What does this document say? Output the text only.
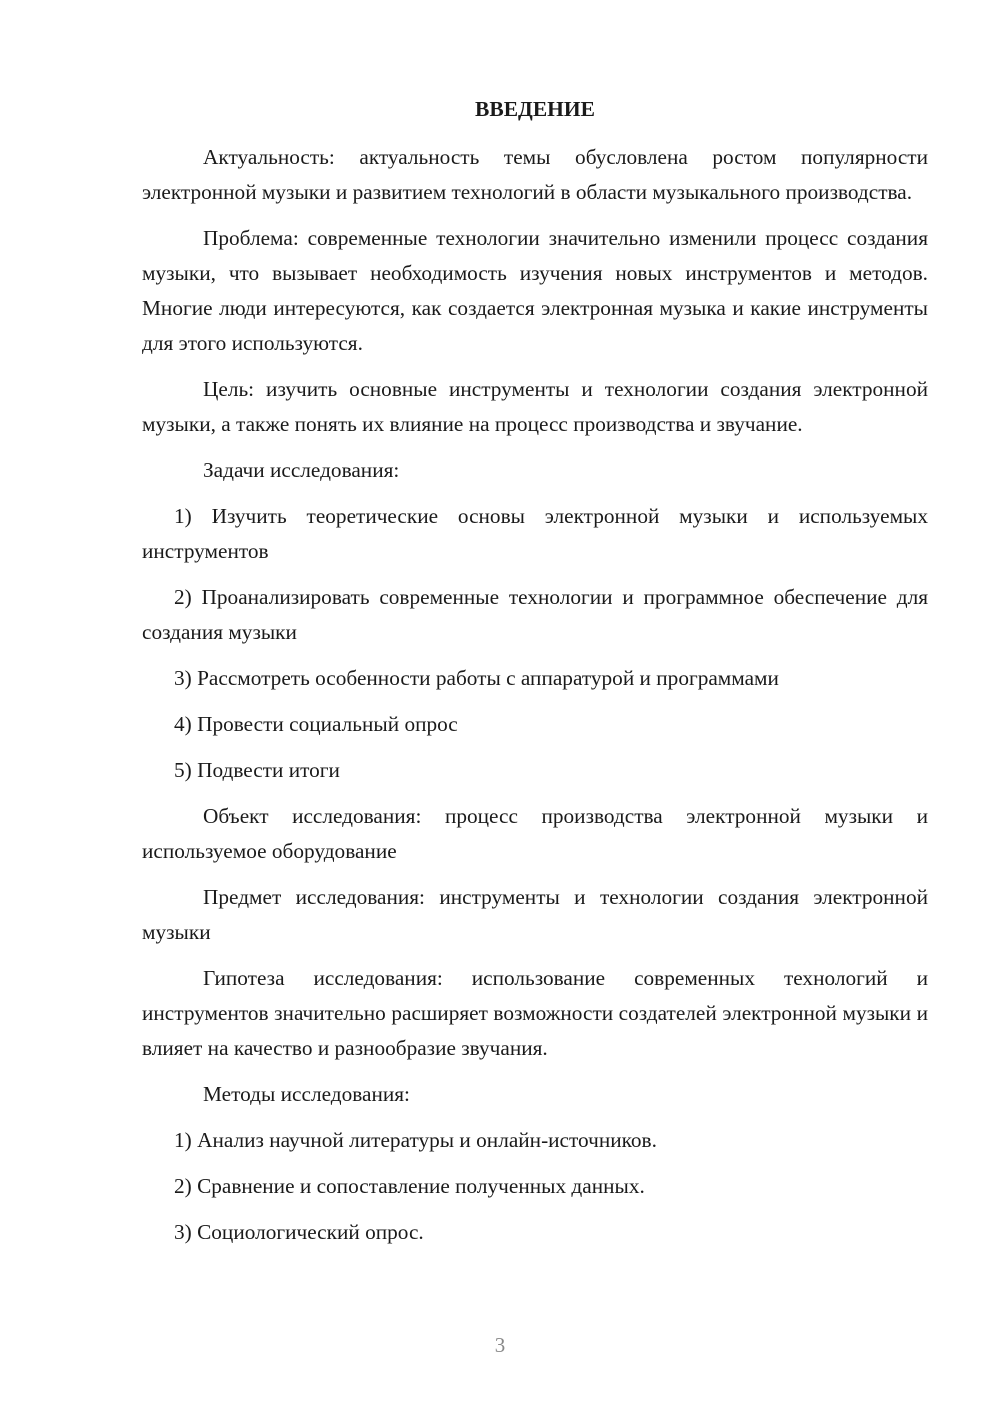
ВВЕДЕНИЕ

Актуальность: актуальность темы обусловлена ростом популярности электронной музыки и развитием технологий в области музыкального производства.

Проблема: современные технологии значительно изменили процесс создания музыки, что вызывает необходимость изучения новых инструментов и методов. Многие люди интересуются, как создается электронная музыка и какие инструменты для этого используются.

Цель: изучить основные инструменты и технологии создания электронной музыки, а также понять их влияние на процесс производства и звучание.

Задачи исследования:

1) Изучить теоретические основы электронной музыки и используемых инструментов

2) Проанализировать современные технологии и программное обеспечение для создания музыки

3) Рассмотреть особенности работы с аппаратурой и программами

4) Провести социальный опрос

5) Подвести итоги

Объект исследования: процесс производства электронной музыки и используемое оборудование

Предмет исследования: инструменты и технологии создания электронной музыки

Гипотеза исследования: использование современных технологий и инструментов значительно расширяет возможности создателей электронной музыки и влияет на качество и разнообразие звучания.

Методы исследования:

1) Анализ научной литературы и онлайн-источников.

2) Сравнение и сопоставление полученных данных.

3) Социологический опрос.

3
